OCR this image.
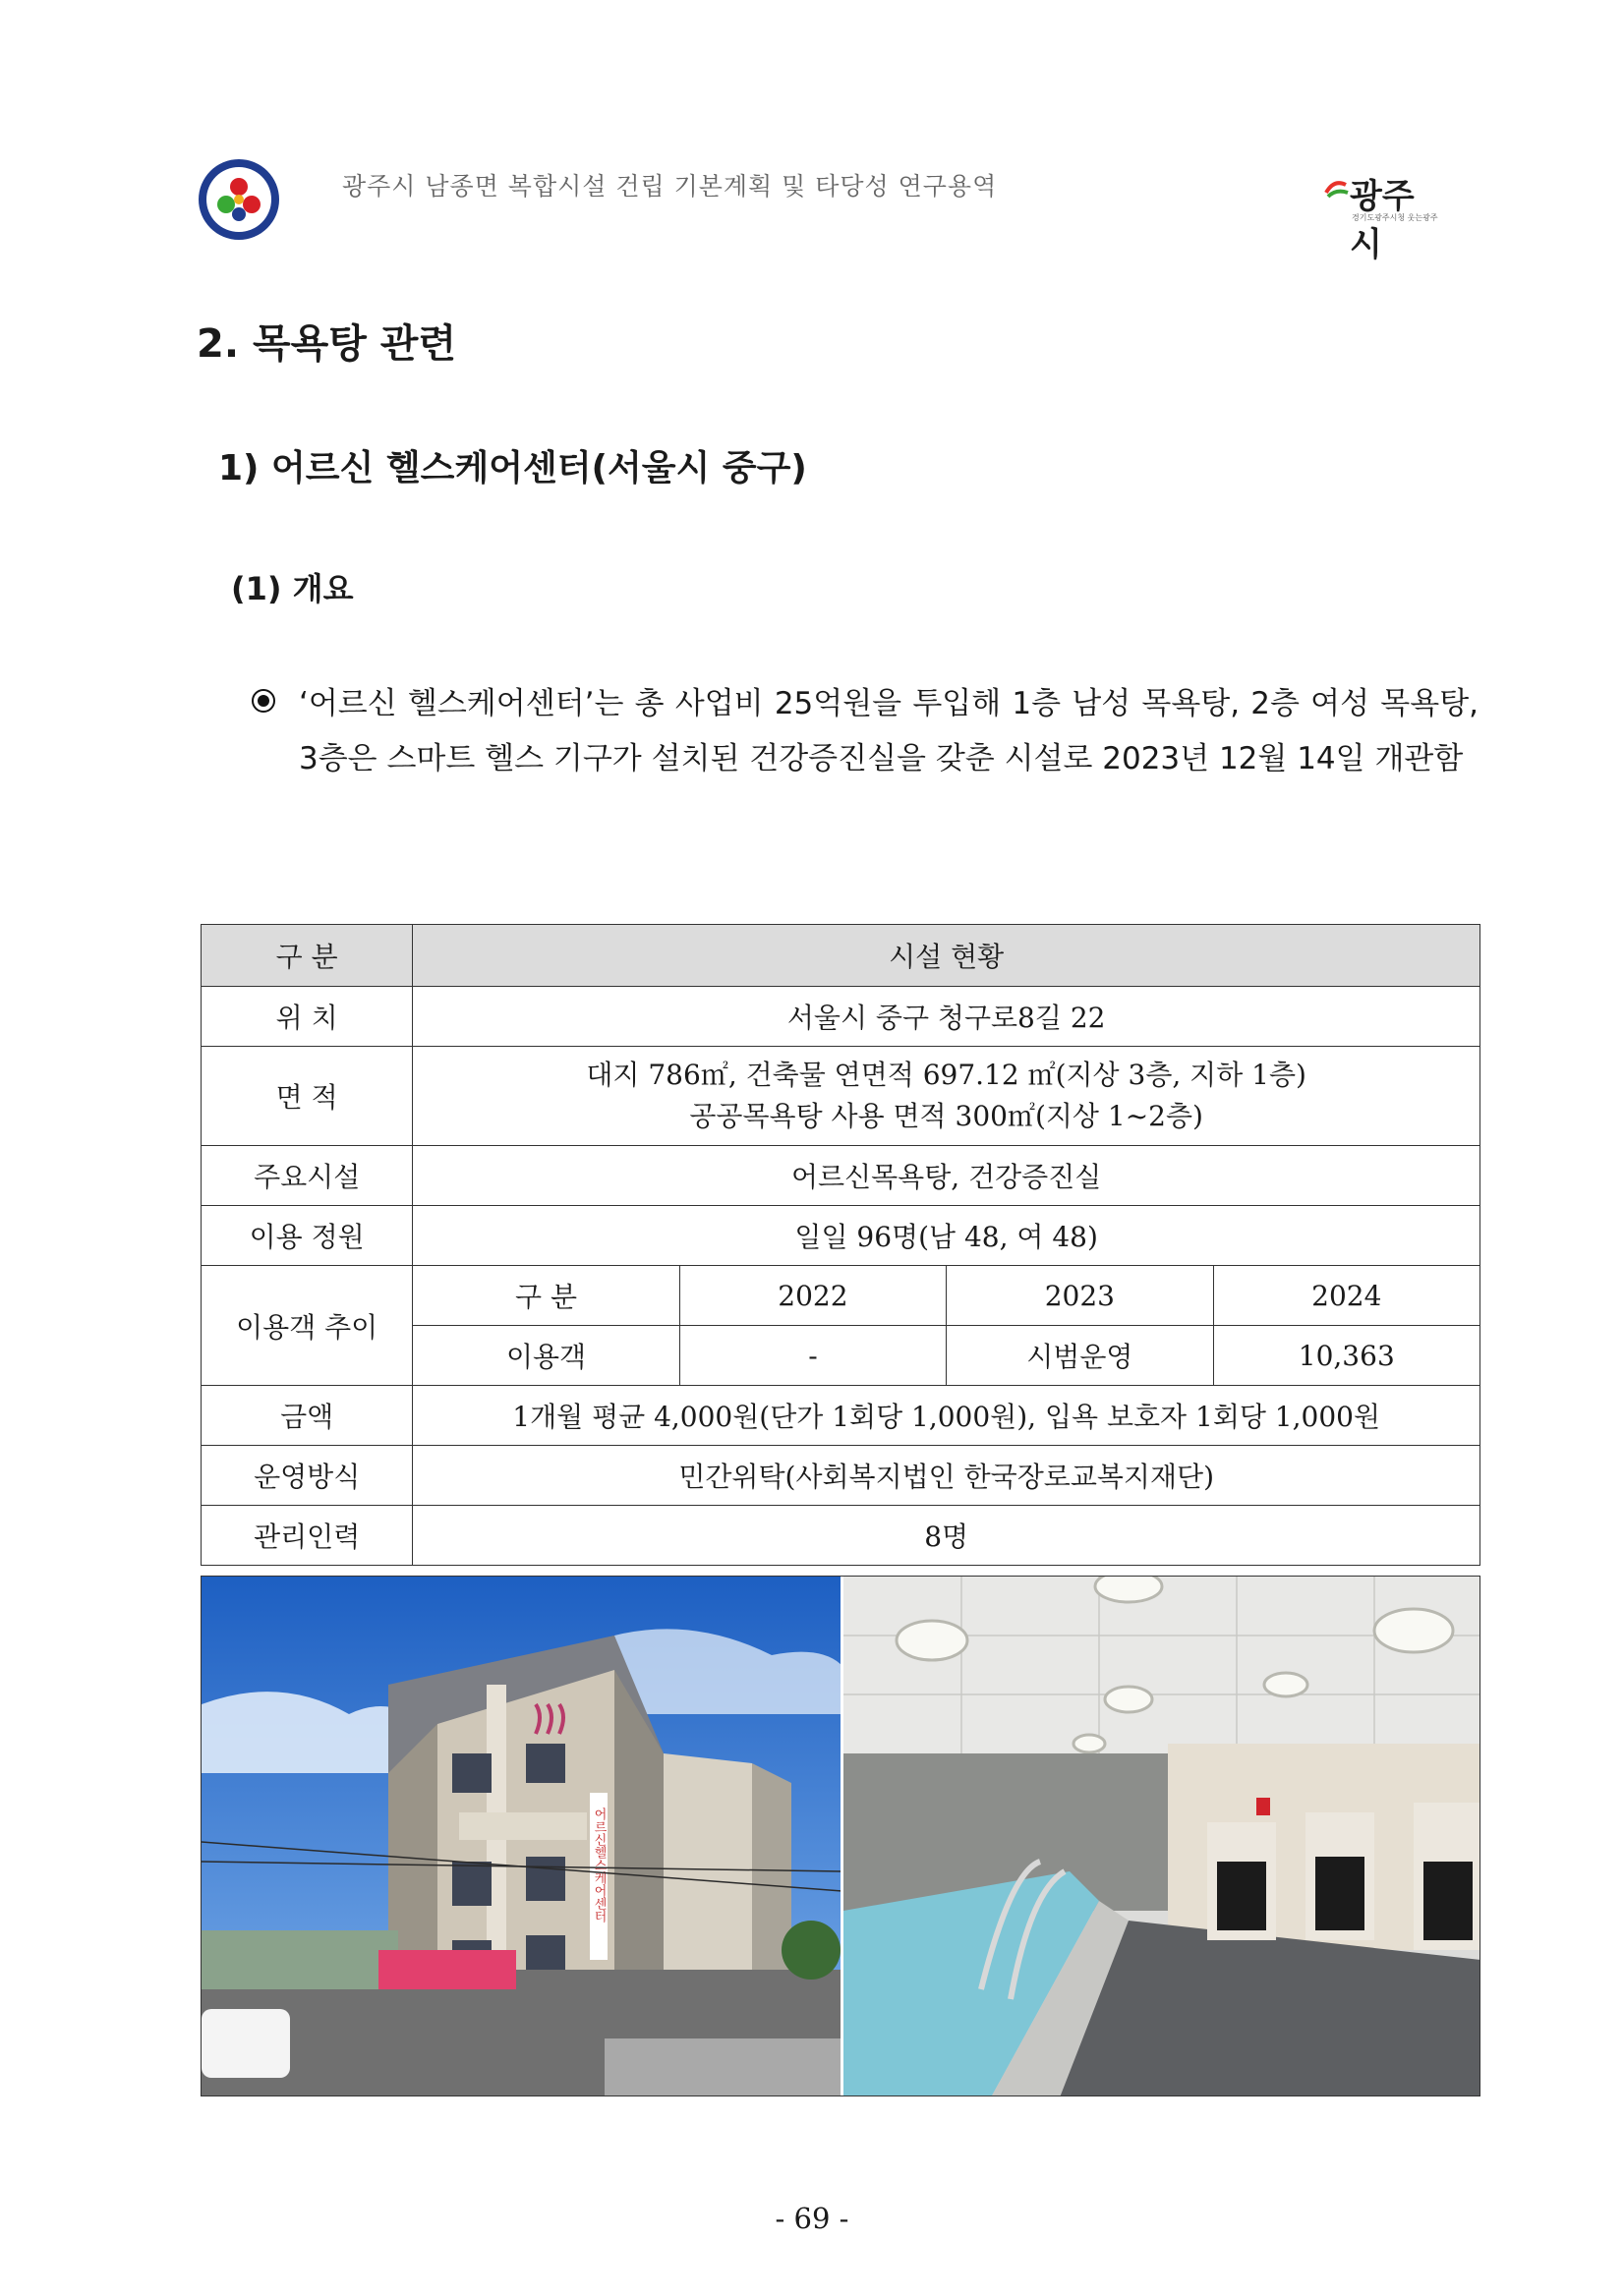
광주시 남종면 복합시설 건립 기본계획 및 타당성 연구용역	광주시
경기도광주시청 웃는광주
2. 목욕탕 관련
1) 어르신 헬스케어센터(서울시 중구)
(1) 개요
‘어르신 헬스케어센터’는 총 사업비 25억원을 투입해 1층 남성 목욕탕, 2층 여성 목욕탕, 3층은 스마트 헬스 기구가 설치된 건강증진실을 갖춘 시설로 2023년 12월 14일 개관함
구 분	시설 현황			
위 치	서울시 중구 청구로8길 22			
면 적	대지 786㎡, 건축물 연면적 697.12 ㎡(지상 3층, 지하 1층)
공공목욕탕 사용 면적 300㎡(지상 1~2층)			

주요시설	어르신목욕탕, 건강증진실			
이용 정원	일일 96명(남 48, 여 48)			
이용객 추이	구 분	2022	2023	2024
	이용객	-	시범운영	10,363
금액	1개월 평균 4,000원(단가 1회당 1,000원), 입욕 보호자 1회당 1,000원			
운영방식	민간위탁(사회복지법인 한국장로교복지재단)			
관리인력	8명			
어르신헬스케어센터
- 69 -
